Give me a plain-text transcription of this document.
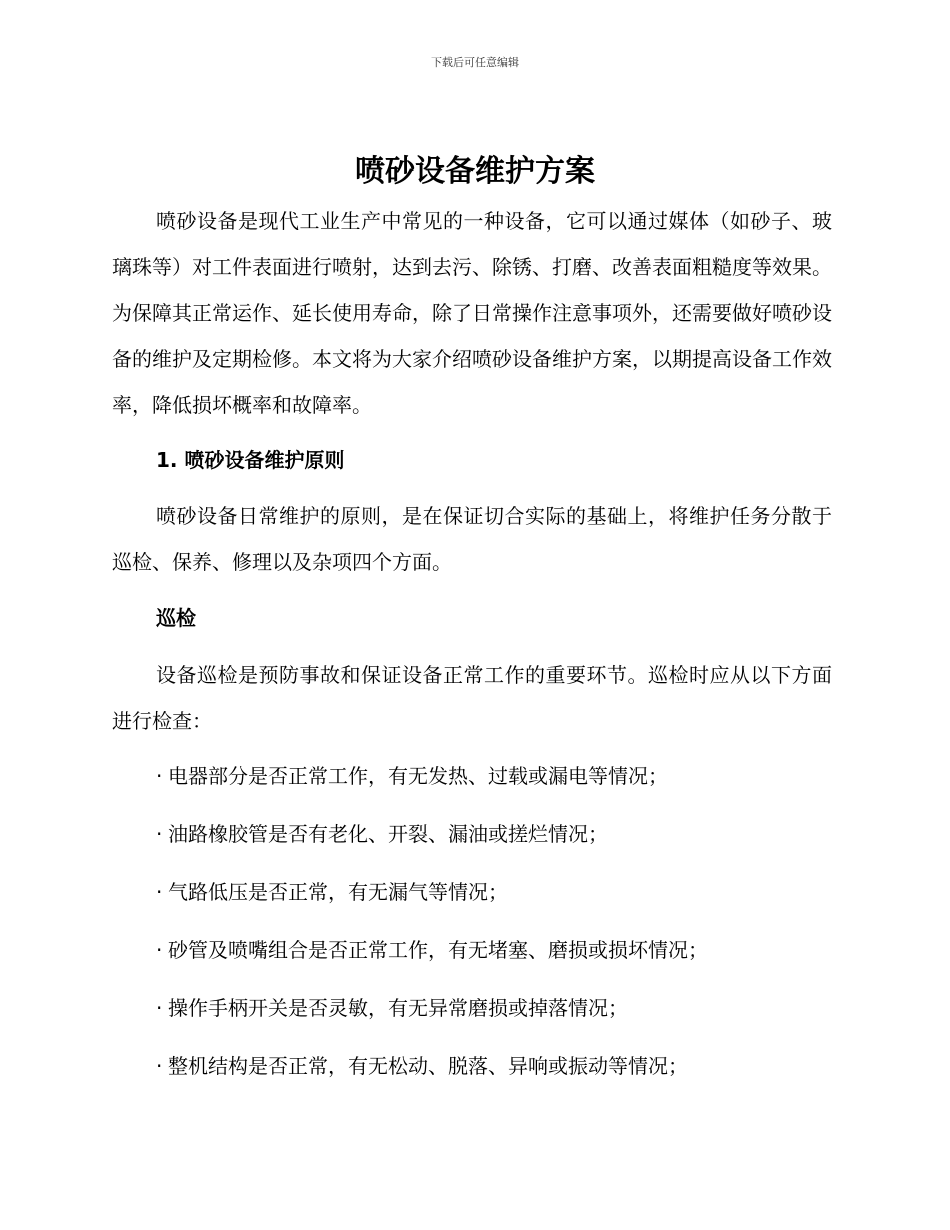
下载后可任意编辑
喷砂设备维护方案

喷砂设备是现代工业生产中常见的一种设备，它可以通过媒体（如砂子、玻璃珠等）对工件表面进行喷射，达到去污、除锈、打磨、改善表面粗糙度等效果。为保障其正常运作、延长使用寿命，除了日常操作注意事项外，还需要做好喷砂设备的维护及定期检修。本文将为大家介绍喷砂设备维护方案，以期提高设备工作效率，降低损坏概率和故障率。

1. 喷砂设备维护原则

喷砂设备日常维护的原则，是在保证切合实际的基础上，将维护任务分散于巡检、保养、修理以及杂项四个方面。

巡检

设备巡检是预防事故和保证设备正常工作的重要环节。巡检时应从以下方面进行检查：

· 电器部分是否正常工作，有无发热、过载或漏电等情况；

· 油路橡胶管是否有老化、开裂、漏油或搓烂情况；

· 气路低压是否正常，有无漏气等情况；

· 砂管及喷嘴组合是否正常工作，有无堵塞、磨损或损坏情况；

· 操作手柄开关是否灵敏，有无异常磨损或掉落情况；

· 整机结构是否正常，有无松动、脱落、异响或振动等情况；
